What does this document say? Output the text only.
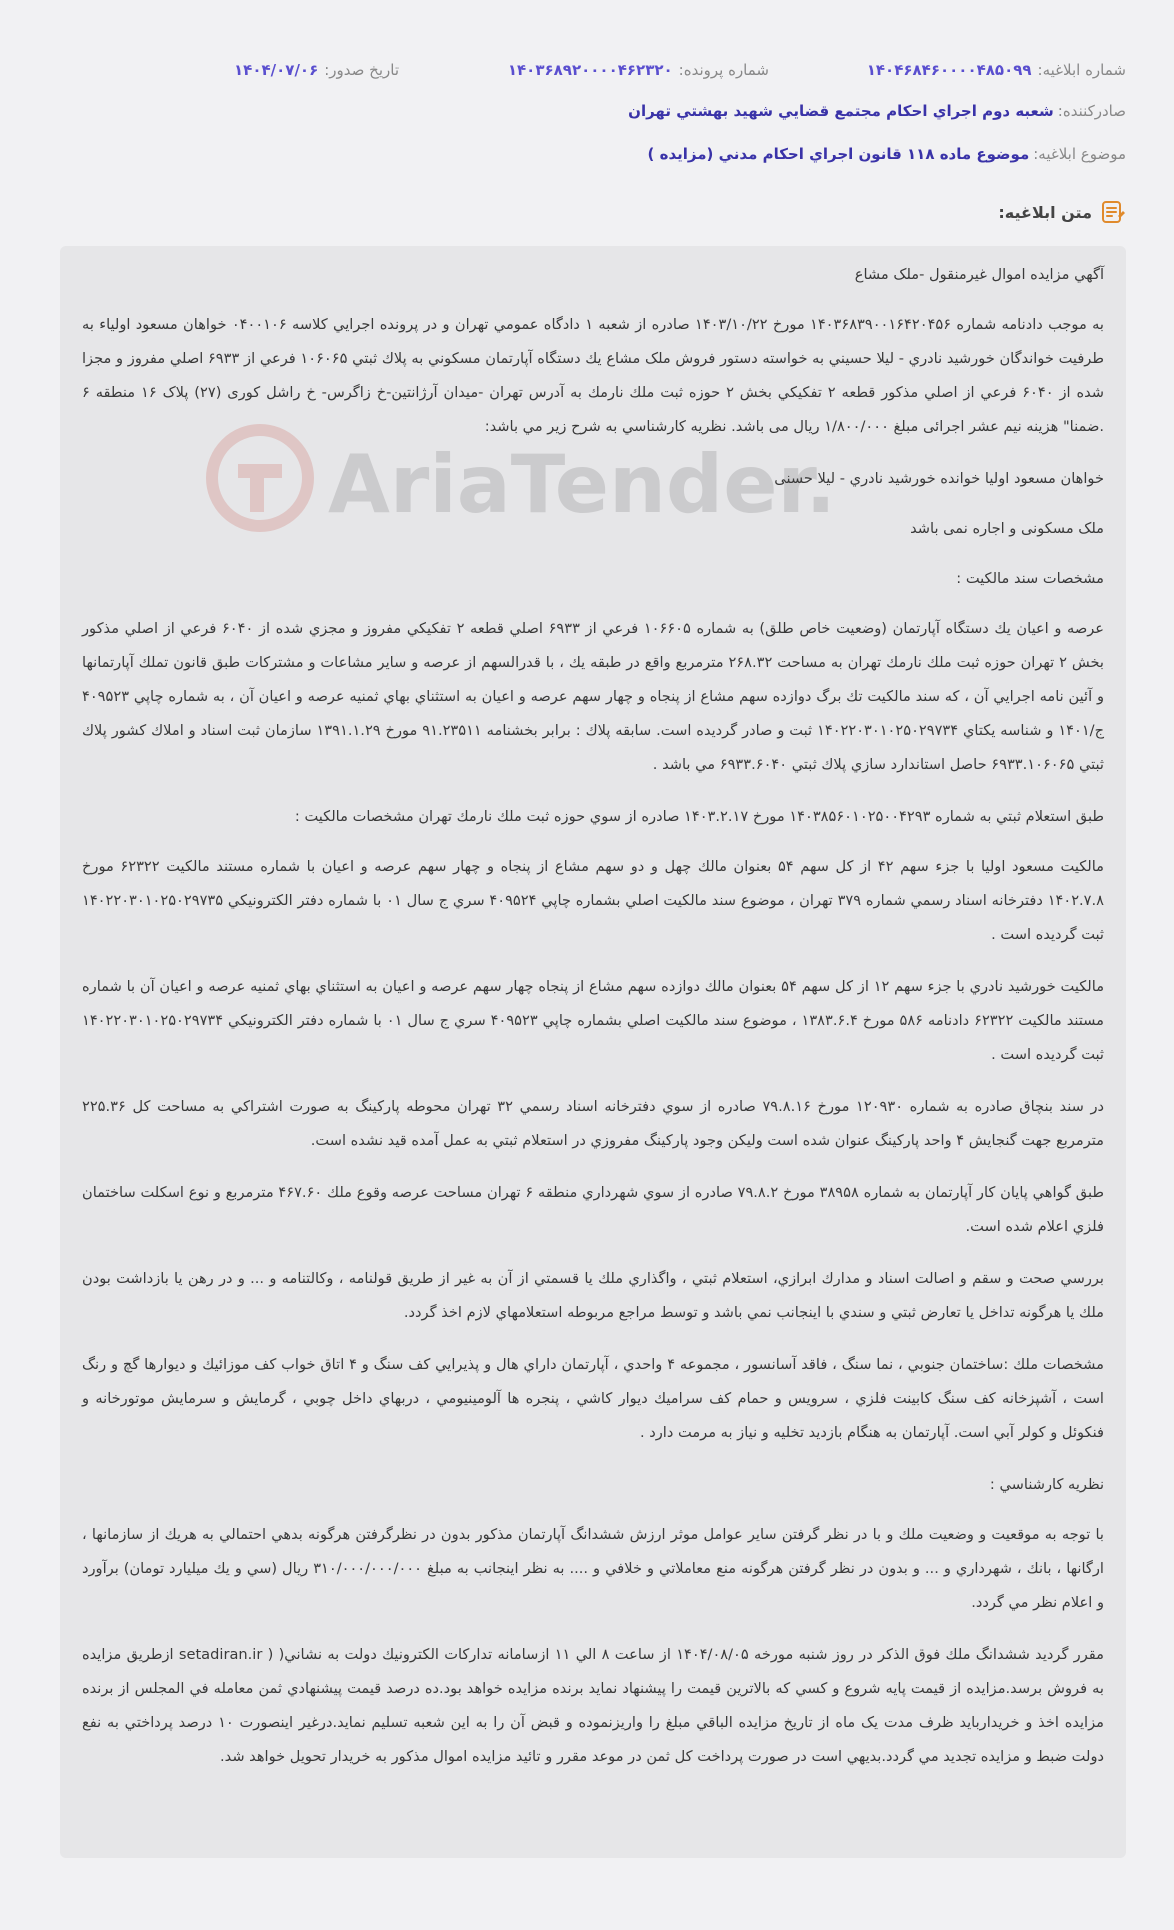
شماره ابلاغیه:
۱۴۰۴۶۸۴۶۰۰۰۰۴۸۵۰۹۹
شماره پرونده:
۱۴۰۳۶۸۹۲۰۰۰۰۴۶۲۳۲۰
تاریخ صدور:
۱۴۰۴/۰۷/۰۶
صادرکننده:
شعبه دوم اجراي احكام مجتمع قضايي شهيد بهشتي تهران
موضوع ابلاغیه:
موضوع ماده ۱۱۸ قانون اجراي احكام مدني (مزايده )
متن ابلاغیه
:
AriaTender.

آگهي مزايده اموال غيرمنقول -ملک مشاع

به موجب دادنامه شماره ۱۴۰۳۶۸۳۹۰۰۱۶۴۲۰۴۵۶ مورخ ۱۴۰۳/۱۰/۲۲ صادره از شعبه ۱ دادگاه عمومي تهران و در پرونده اجرايي كلاسه ۰۴۰۰۱۰۶ خواهان مسعود اولياء به طرفيت خواندگان خورشيد نادري - ليلا حسيني به خواسته دستور فروش ملک مشاع يك دستگاه آپارتمان مسكوني به پلاك ثبتي ۱۰۶۰۶۵ فرعي از ۶۹۳۳ اصلي مفروز و مجزا شده از ۶۰۴۰ فرعي از اصلي مذكور قطعه ۲ تفكيكي بخش ۲ حوزه ثبت ملك نارمك به آدرس تهران -ميدان آرژانتين-خ زاگرس- خ راشل کوری (۲۷) پلاک ۱۶ منطقه ۶ .ضمنا" هزينه نيم عشر اجرائی مبلغ ۱/۸۰۰/۰۰۰ ريال می باشد. نظريه كارشناسي به شرح زير مي باشد:

خواهان مسعود اوليا خوانده خورشيد نادري - ليلا حسنی

ملک مسکونی و اجاره نمی باشد

مشخصات سند مالكيت :

عرصه و اعيان يك دستگاه آپارتمان (وضعيت خاص طلق) به شماره ۱۰۶۶۰۵ فرعي از ۶۹۳۳ اصلي قطعه ۲ تفكيكي مفروز و مجزي شده از ۶۰۴۰ فرعي از اصلي مذكور بخش ۲ تهران حوزه ثبت ملك نارمك تهران به مساحت ۲۶۸.۳۲ مترمربع واقع در طبقه يك ، با قدرالسهم از عرصه و ساير مشاعات و مشتركات طبق قانون تملك آپارتمانها و آئين نامه اجرايي آن ، كه سند مالكيت تك برگ دوازده سهم مشاع از پنجاه و چهار سهم عرصه و اعيان به استثناي بهاي ثمنيه عرصه و اعيان آن ، به شماره چاپي ۴۰۹۵۲۳ ج/۱۴۰۱ و شناسه يكتاي ۱۴۰۲۲۰۳۰۱۰۲۵۰۲۹۷۳۴ ثبت و صادر گرديده است. سابقه پلاك : برابر بخشنامه ۹۱.۲۳۵۱۱ مورخ ۱۳۹۱.۱.۲۹ سازمان ثبت اسناد و املاك كشور پلاك ثبتي ۶۹۳۳.۱۰۶۰۶۵ حاصل استاندارد سازي پلاك ثبتي ۶۹۳۳.۶۰۴۰ مي باشد .

طبق استعلام ثبتي به شماره ۱۴۰۳۸۵۶۰۱۰۲۵۰۰۴۲۹۳ مورخ ۱۴۰۳.۲.۱۷ صادره از سوي حوزه ثبت ملك نارمك تهران مشخصات مالكيت :

مالكيت مسعود اوليا با جزء سهم ۴۲ از كل سهم ۵۴ بعنوان مالك چهل و دو سهم مشاع از پنجاه و چهار سهم عرصه و اعيان با شماره مستند مالكيت ۶۲۳۲۲ مورخ ۱۴۰۲.۷.۸ دفترخانه اسناد رسمي شماره ۳۷۹ تهران ، موضوع سند مالكيت اصلي بشماره چاپي ۴۰۹۵۲۴ سري ج سال ۰۱ با شماره دفتر الكترونيكي ۱۴۰۲۲۰۳۰۱۰۲۵۰۲۹۷۳۵ ثبت گرديده است .

مالكيت خورشيد نادري با جزء سهم ۱۲ از كل سهم ۵۴ بعنوان مالك دوازده سهم مشاع از پنجاه چهار سهم عرصه و اعيان به استثناي بهاي ثمنيه عرصه و اعيان آن با شماره مستند مالكيت ۶۲۳۲۲ دادنامه ۵۸۶ مورخ ۱۳۸۳.۶.۴ ، موضوع سند مالكيت اصلي بشماره چاپي ۴۰۹۵۲۳ سري ج سال ۰۱ با شماره دفتر الكترونيكي ۱۴۰۲۲۰۳۰۱۰۲۵۰۲۹۷۳۴ ثبت گرديده است .

در سند بنچاق صادره به شماره ۱۲۰۹۳۰ مورخ ۷۹.۸.۱۶ صادره از سوي دفترخانه اسناد رسمي ۳۲ تهران محوطه پاركينگ به صورت اشتراكي به مساحت كل ۲۲۵.۳۶ مترمربع جهت گنجايش ۴ واحد پاركينگ عنوان شده است وليكن وجود پاركينگ مفروزي در استعلام ثبتي به عمل آمده قيد نشده است.

طبق گواهي پايان كار آپارتمان به شماره ۳۸۹۵۸ مورخ ۷۹.۸.۲ صادره از سوي شهرداري منطقه ۶ تهران مساحت عرصه وقوع ملك ۴۶۷.۶۰ مترمربع و نوع اسكلت ساختمان فلزي اعلام شده است.

بررسي صحت و سقم و اصالت اسناد و مدارك ابرازي، استعلام ثبتي ، واگذاري ملك يا قسمتي از آن به غير از طريق قولنامه ، وكالتنامه و ... و در رهن يا بازداشت بودن ملك يا هرگونه تداخل يا تعارض ثبتي و سندي با اينجانب نمي باشد و توسط مراجع مربوطه استعلامهاي لازم اخذ گردد.

مشخصات ملك :ساختمان جنوبي ، نما سنگ ، فاقد آسانسور ، مجموعه ۴ واحدي ، آپارتمان داراي هال و پذيرايي كف سنگ و ۴ اتاق خواب كف موزائيك و ديوارها گچ و رنگ است ، آشپزخانه كف سنگ كابينت فلزي ، سرويس و حمام كف سراميك ديوار كاشي ، پنجره ها آلومينيومي ، دربهاي داخل چوبي ، گرمايش و سرمايش موتورخانه و فنكوئل و كولر آبي است. آپارتمان به هنگام بازديد تخليه و نياز به مرمت دارد .

نظريه كارشناسي :

با توجه به موقعيت و وضعيت ملك و با در نظر گرفتن ساير عوامل موثر ارزش ششدانگ آپارتمان مذكور بدون در نظرگرفتن هرگونه بدهي احتمالي به هريك از سازمانها ، ارگانها ، بانك ، شهرداري و ... و بدون در نظر گرفتن هرگونه منع معاملاتي و خلافي و .... به نظر اينجانب به مبلغ ۳۱۰/۰۰۰/۰۰۰/۰۰۰ ريال (سي و يك ميليارد تومان) برآورد و اعلام نظر مي گردد.

مقرر گرديد ششدانگ ملك فوق الذكر در روز شنبه مورخه ۱۴۰۴/۰۸/۰۵ از ساعت ۸ الي ۱۱ ازسامانه تداركات الكترونيك دولت به نشاني( ( setadiran.ir ازطريق مزايده به فروش برسد.مزايده از قيمت پايه شروع و كسي كه بالاترين قيمت را پيشنهاد نمايد برنده مزايده خواهد بود.ده درصد قيمت پيشنهادي ثمن معامله في المجلس از برنده مزايده اخذ و خريداربايد ظرف مدت يک ماه از تاريخ مزايده الباقي مبلغ را واريزنموده و قبض آن را به اين شعبه تسليم نمايد.درغير اينصورت ۱۰ درصد پرداختي به نفع دولت ضبط و مزايده تجديد مي گردد.بديهي است در صورت پرداخت كل ثمن در موعد مقرر و تائيد مزايده اموال مذكور به خريدار تحويل خواهد شد.
